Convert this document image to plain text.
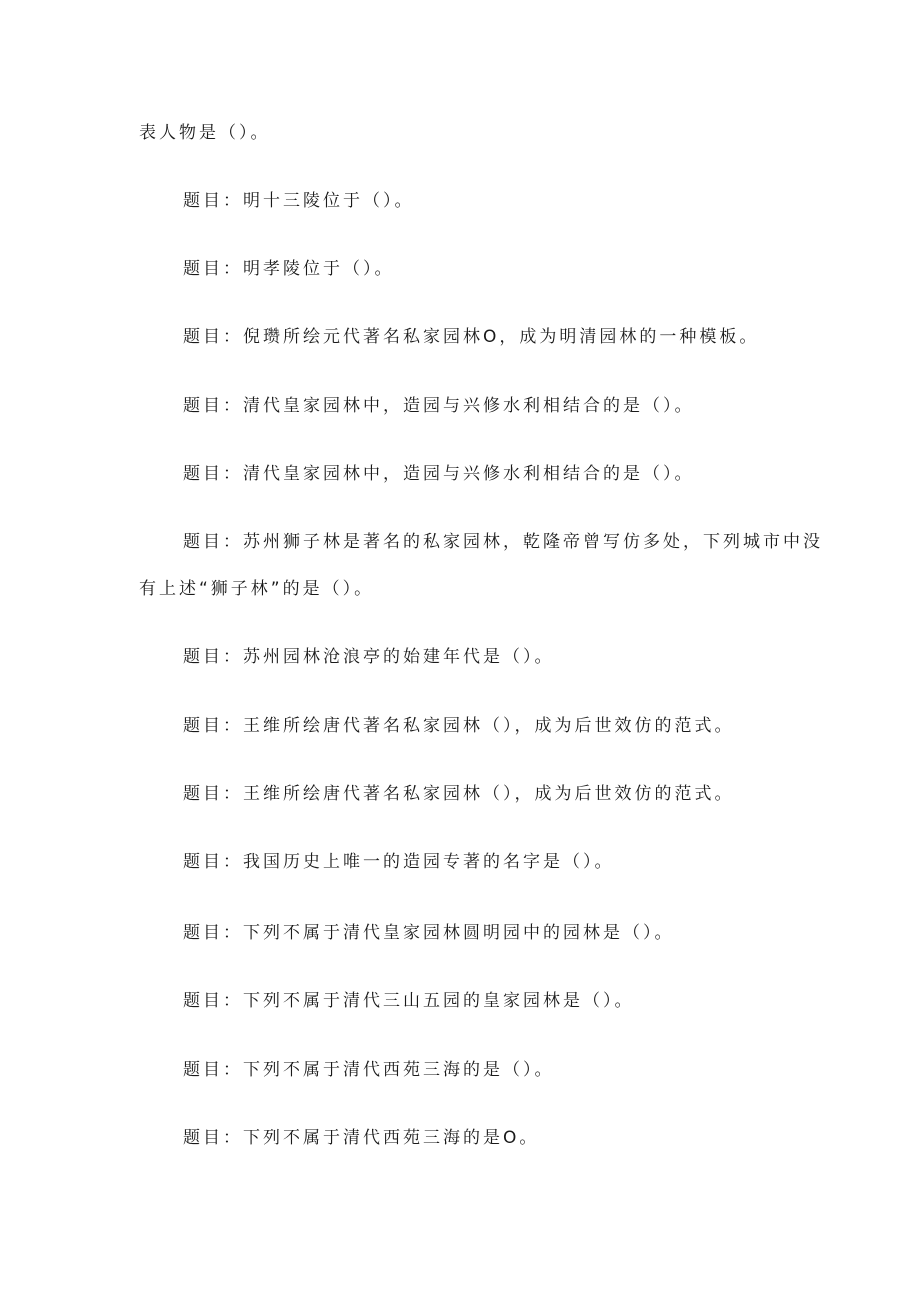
表人物是（）。
题目：明十三陵位于（）。
题目：明孝陵位于（）。
题目：倪瓒所绘元代著名私家园林O，成为明清园林的一种模板。
题目：清代皇家园林中，造园与兴修水利相结合的是（）。
题目：清代皇家园林中，造园与兴修水利相结合的是（）。
题目：苏州狮子林是著名的私家园林，乾隆帝曾写仿多处，下列城市中没
有上述“狮子林”的是（）。
题目：苏州园林沧浪亭的始建年代是（）。
题目：王维所绘唐代著名私家园林（），成为后世效仿的范式。
题目：王维所绘唐代著名私家园林（），成为后世效仿的范式。
题目：我国历史上唯一的造园专著的名字是（）。
题目：下列不属于清代皇家园林圆明园中的园林是（）。
题目：下列不属于清代三山五园的皇家园林是（）。
题目：下列不属于清代西苑三海的是（）。
题目：下列不属于清代西苑三海的是O。
